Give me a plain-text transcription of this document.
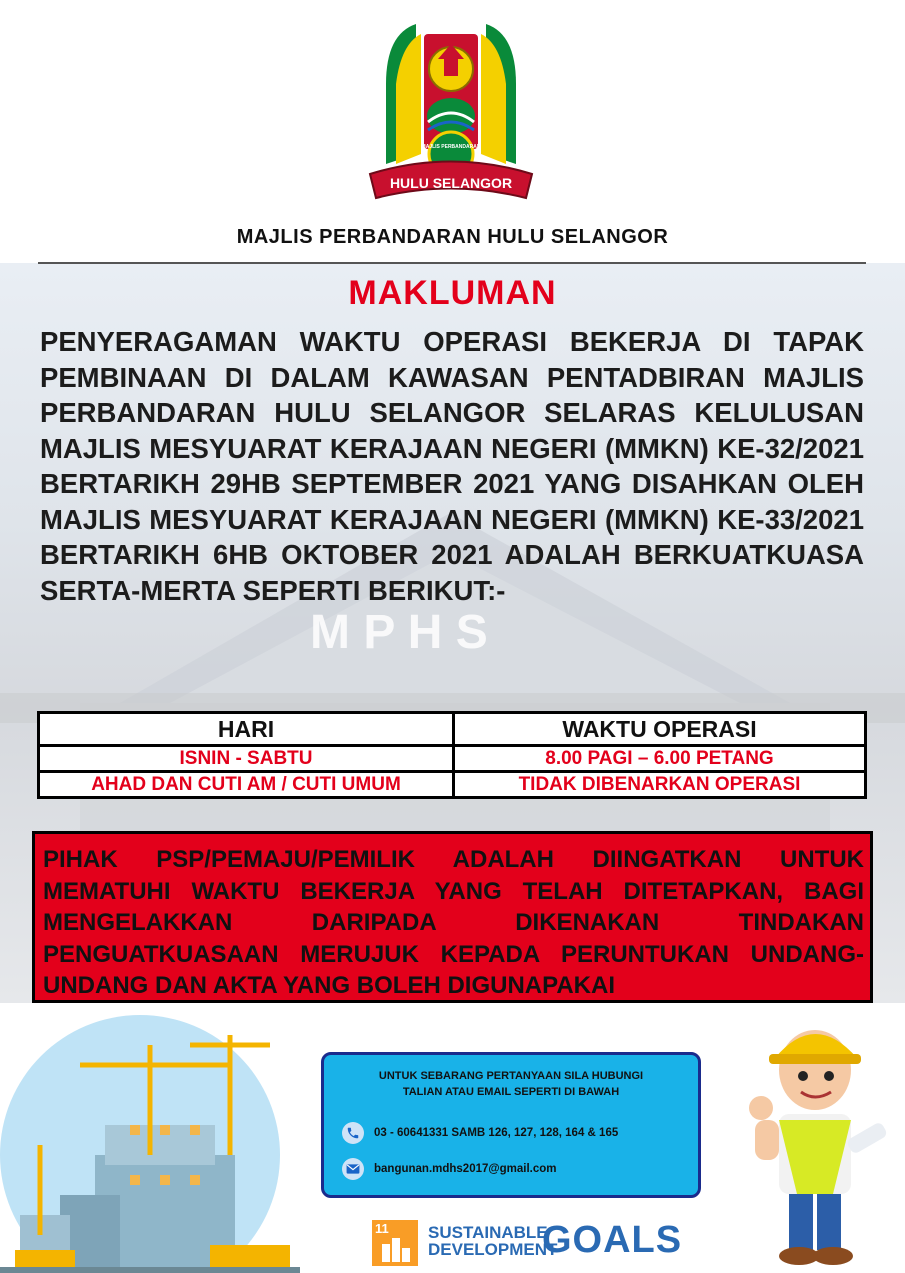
M P H S
HULU SELANGOR
MAJLIS PERBANDARAN
MAJLIS PERBANDARAN HULU SELANGOR
MAKLUMAN
PENYERAGAMAN WAKTU OPERASI BEKERJA DI TAPAK PEMBINAAN DI DALAM KAWASAN PENTADBIRAN MAJLIS PERBANDARAN HULU SELANGOR SELARAS KELULUSAN MAJLIS MESYUARAT KERAJAAN NEGERI (MMKN) KE-32/2021 BERTARIKH 29HB SEPTEMBER 2021 YANG DISAHKAN OLEH MAJLIS MESYUARAT KERAJAAN NEGERI (MMKN) KE-33/2021 BERTARIKH 6HB OKTOBER 2021 ADALAH BERKUATKUASA SERTA-MERTA SEPERTI BERIKUT:-
HARI	WAKTU OPERASI
ISNIN - SABTU	8.00 PAGI – 6.00 PETANG
AHAD DAN CUTI AM / CUTI UMUM	TIDAK DIBENARKAN OPERASI

PIHAK PSP/PEMAJU/PEMILIK ADALAH DIINGATKAN UNTUK MEMATUHI WAKTU BEKERJA YANG TELAH DITETAPKAN, BAGI MENGELAKKAN DARIPADA DIKENAKAN TINDAKAN PENGUATKUASAAN MERUJUK KEPADA PERUNTUKAN UNDANG-UNDANG DAN AKTA YANG BOLEH DIGUNAPAKAI

UNTUK SEBARANG PERTANYAAN SILA HUBUNGI
TALIAN ATAU EMAIL SEPERTI DI BAWAH
03 - 60641331 SAMB 126, 127, 128, 164 & 165
bangunan.mdhs2017@gmail.com
11 SUSTAINABLE
DEVELOPMENT
GOALS
